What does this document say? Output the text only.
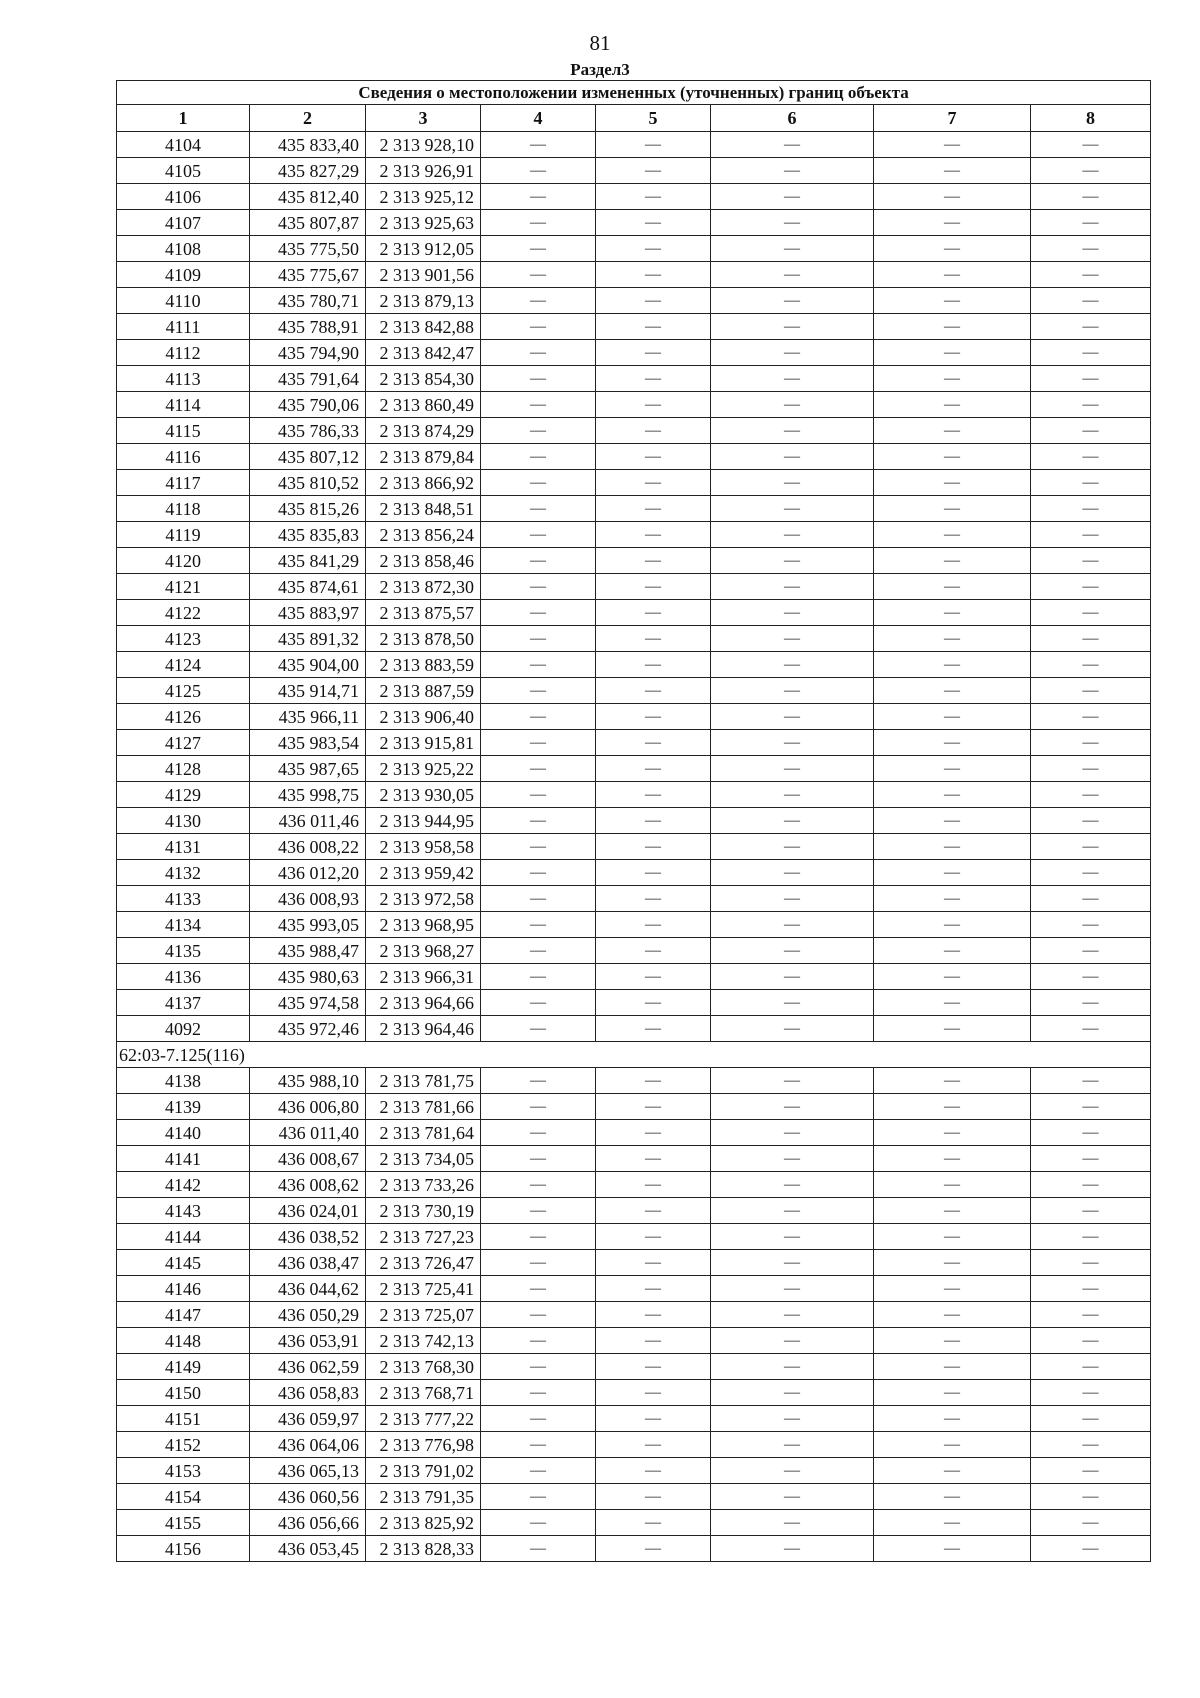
81
Раздел3
Сведения о местоположении измененных (уточненных) границ объекта							
1	2	3	4	5	6	7	8
4104	435 833,40	2 313 928,10	—	—	—	—	—
4105	435 827,29	2 313 926,91	—	—	—	—	—
4106	435 812,40	2 313 925,12	—	—	—	—	—
4107	435 807,87	2 313 925,63	—	—	—	—	—
4108	435 775,50	2 313 912,05	—	—	—	—	—
4109	435 775,67	2 313 901,56	—	—	—	—	—
4110	435 780,71	2 313 879,13	—	—	—	—	—
4111	435 788,91	2 313 842,88	—	—	—	—	—
4112	435 794,90	2 313 842,47	—	—	—	—	—
4113	435 791,64	2 313 854,30	—	—	—	—	—
4114	435 790,06	2 313 860,49	—	—	—	—	—
4115	435 786,33	2 313 874,29	—	—	—	—	—
4116	435 807,12	2 313 879,84	—	—	—	—	—
4117	435 810,52	2 313 866,92	—	—	—	—	—
4118	435 815,26	2 313 848,51	—	—	—	—	—
4119	435 835,83	2 313 856,24	—	—	—	—	—
4120	435 841,29	2 313 858,46	—	—	—	—	—
4121	435 874,61	2 313 872,30	—	—	—	—	—
4122	435 883,97	2 313 875,57	—	—	—	—	—
4123	435 891,32	2 313 878,50	—	—	—	—	—
4124	435 904,00	2 313 883,59	—	—	—	—	—
4125	435 914,71	2 313 887,59	—	—	—	—	—
4126	435 966,11	2 313 906,40	—	—	—	—	—
4127	435 983,54	2 313 915,81	—	—	—	—	—
4128	435 987,65	2 313 925,22	—	—	—	—	—
4129	435 998,75	2 313 930,05	—	—	—	—	—
4130	436 011,46	2 313 944,95	—	—	—	—	—
4131	436 008,22	2 313 958,58	—	—	—	—	—
4132	436 012,20	2 313 959,42	—	—	—	—	—
4133	436 008,93	2 313 972,58	—	—	—	—	—
4134	435 993,05	2 313 968,95	—	—	—	—	—
4135	435 988,47	2 313 968,27	—	—	—	—	—
4136	435 980,63	2 313 966,31	—	—	—	—	—
4137	435 974,58	2 313 964,66	—	—	—	—	—
4092	435 972,46	2 313 964,46	—	—	—	—	—
62:03-7.125(116)							
4138	435 988,10	2 313 781,75	—	—	—	—	—
4139	436 006,80	2 313 781,66	—	—	—	—	—
4140	436 011,40	2 313 781,64	—	—	—	—	—
4141	436 008,67	2 313 734,05	—	—	—	—	—
4142	436 008,62	2 313 733,26	—	—	—	—	—
4143	436 024,01	2 313 730,19	—	—	—	—	—
4144	436 038,52	2 313 727,23	—	—	—	—	—
4145	436 038,47	2 313 726,47	—	—	—	—	—
4146	436 044,62	2 313 725,41	—	—	—	—	—
4147	436 050,29	2 313 725,07	—	—	—	—	—
4148	436 053,91	2 313 742,13	—	—	—	—	—
4149	436 062,59	2 313 768,30	—	—	—	—	—
4150	436 058,83	2 313 768,71	—	—	—	—	—
4151	436 059,97	2 313 777,22	—	—	—	—	—
4152	436 064,06	2 313 776,98	—	—	—	—	—
4153	436 065,13	2 313 791,02	—	—	—	—	—
4154	436 060,56	2 313 791,35	—	—	—	—	—
4155	436 056,66	2 313 825,92	—	—	—	—	—
4156	436 053,45	2 313 828,33	—	—	—	—	—
